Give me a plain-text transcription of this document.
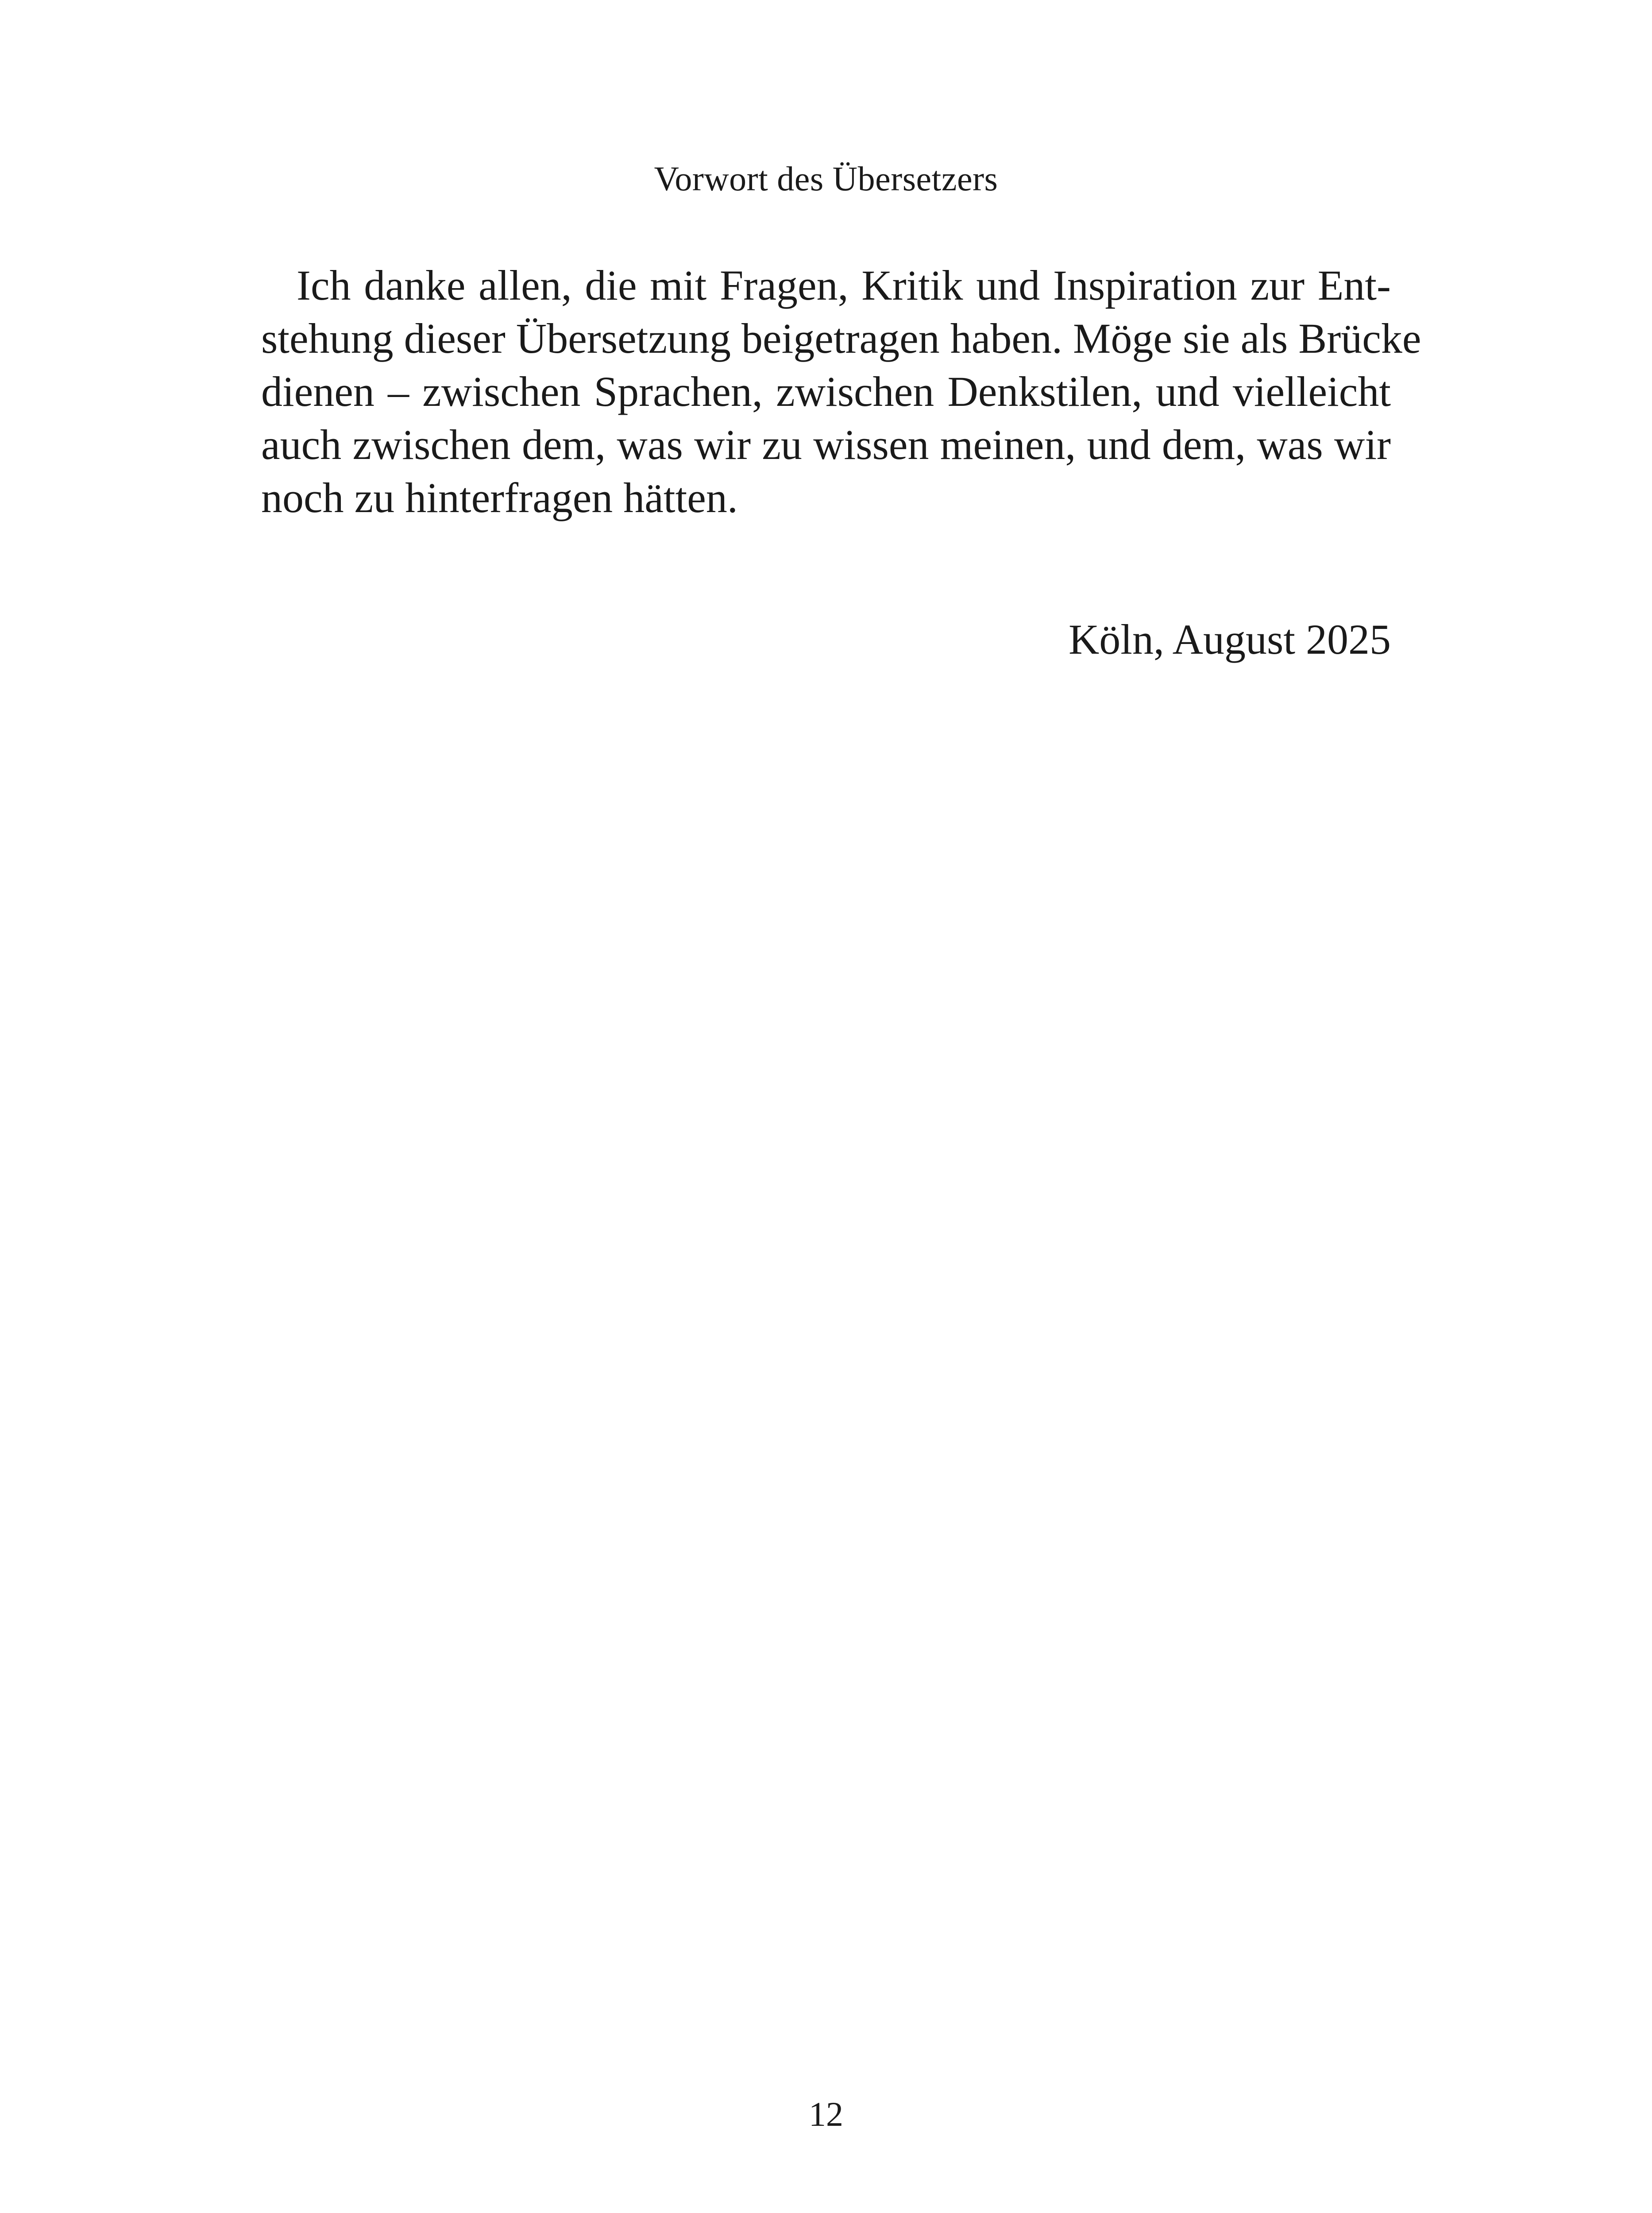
Vorwort des Übersetzers

Ich danke allen, die mit Fragen, Kritik und Inspiration zur Ent-
stehung dieser Übersetzung beigetragen haben. Möge sie als Brücke
dienen – zwischen Sprachen, zwischen Denkstilen, und vielleicht
auch zwischen dem, was wir zu wissen meinen, und dem, was wir
noch zu hinterfragen hätten.

Köln, August 2025
12
